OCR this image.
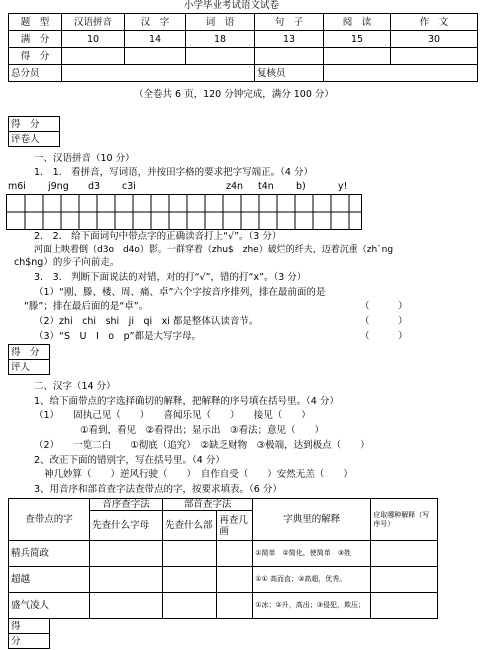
小学毕业考试语文试卷
题　型	汉语拼音	汉　字	词　语	句　子	阅　读	作　文
满　分	10	14	18	13	15	30
得　分						
总分员				复核员		
（全卷共 6 页，120 分钟完成，满分 100 分）
得　分
评卷人
一、汉语拼音（10 分）
1.　1.　看拼音，写词语，并按田字格的要求把字写端正。（4 分）
m6i j9ng d3 c3i	z4n t4n b)	y!
2.　2.　给下面词句中带点字的正确读音打上“√”。（3 分）
河面上映着倒（d3o　d4o）影。一群穿着（zhu$　zhe）破烂的纤夫，迈着沉重（zh`ng
ch$ng）的步子向前走。
3.　3.　判断下面说法的对错，对的打“√”，错的打“x”。（3 分）
（1）“刚、滕、楼、周、痛、卓”六个字按音序排列，排在最前面的是
“滕”；排在最后面的是“卓”。	（　　　）
（2）zhi　chi　shi　ji　qi　xi 都是整体认读音节。	（　　　）
（3）“S　U　I　o　p”都是大写字母。	（　　　）
得　分
评人
二、汉字（14 分）
1、给下面带点的字选择确切的解释，把解释的序号填在括号里。（4 分）
（1）　　固执己见（　　）　　喜闻乐见（　　）　　接见（　　）
①看到，看见　②看得出；显示出　③看法；意见（　　）
（2）　　一览二白　　①彻底（追究）　②缺乏财物　③极端，达到极点（　　）
2、改正下面的错别字，写在括号里。（4 分）
神几妙算（　　）逆风行驶（　　）　自作自受（　　）安然无羔（　　）
3、用音序和部首查字法查带点的字，按要求填表。（6 分）
查带点的字	音序查字法	部首查字法		字典里的解释	应取哪种解释（写序号）
	先查什么字母	先查什么部	再查几画		
精兵简政				①简单　②简化，使简单　③姓	
超越				①① 高而直；③高超，优秀。	
盛气凌人				①冰；②升，高出；③侵犯，欺压；	
得
分
